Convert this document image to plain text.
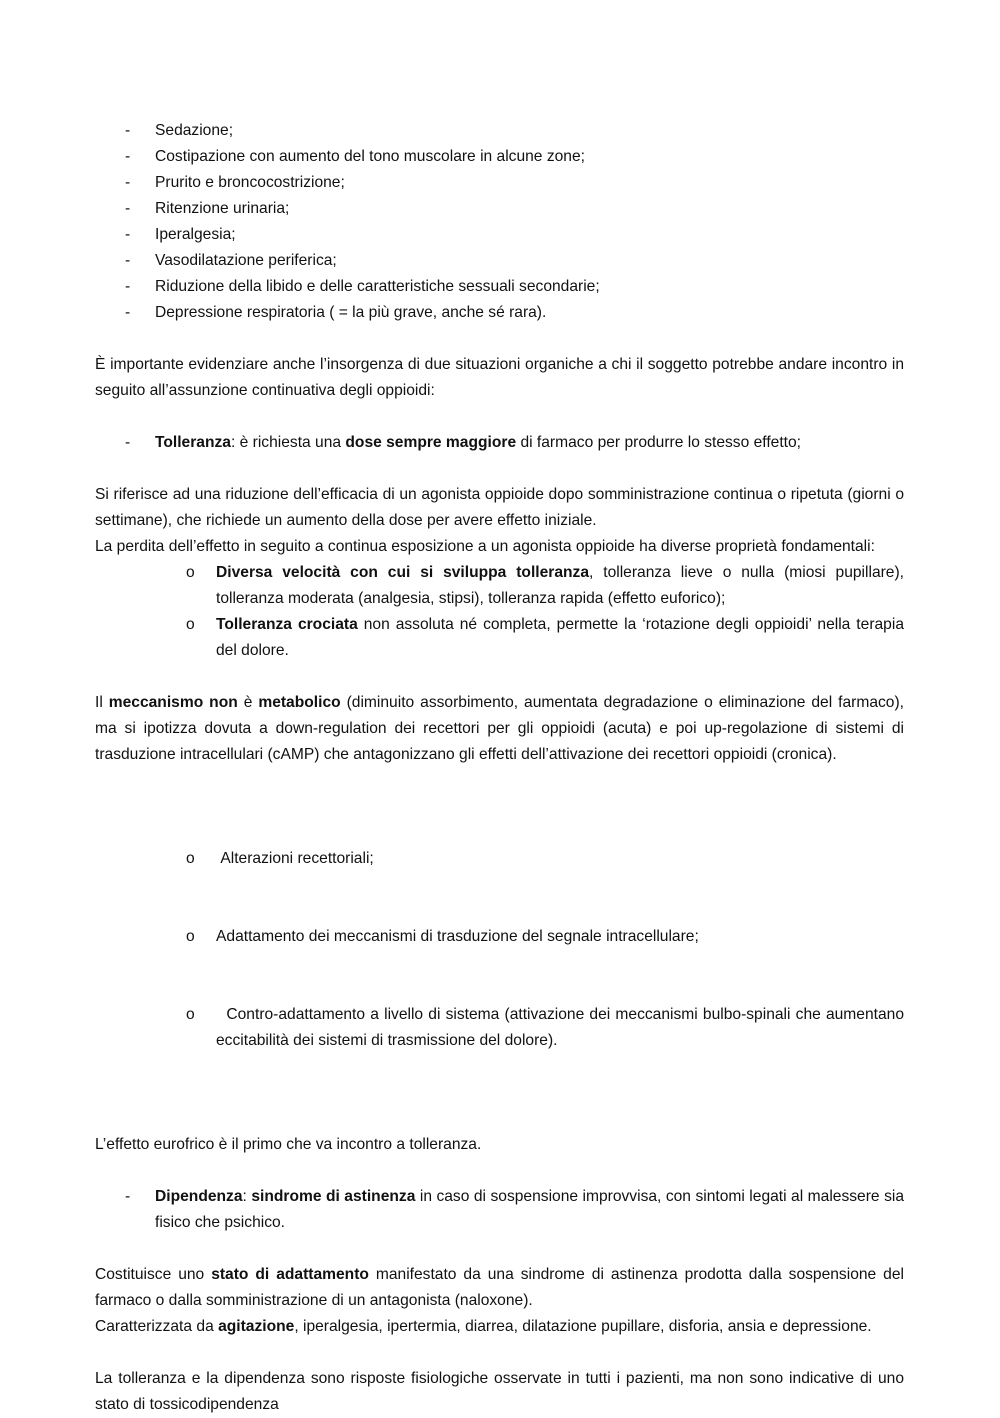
- Sedazione;
- Costipazione con aumento del tono muscolare in alcune zone;
- Prurito e broncocostrizione;
- Ritenzione urinaria;
- Iperalgesia;
- Vasodilatazione periferica;
- Riduzione della libido e delle caratteristiche sessuali secondarie;
- Depressione respiratoria ( = la più grave, anche sé rara).

È importante evidenziare anche l’insorgenza di due situazioni organiche a chi il soggetto potrebbe andare incontro in seguito all’assunzione continuativa degli oppioidi:

- Tolleranza: è richiesta una dose sempre maggiore di farmaco per produrre lo stesso effetto;

Si riferisce ad una riduzione dell’efficacia di un agonista oppioide dopo somministrazione continua o ripetuta (giorni o settimane), che richiede un aumento della dose per avere effetto iniziale.

La perdita dell’effetto in seguito a continua esposizione a un agonista oppioide ha diverse proprietà fondamentali:

o Diversa velocità con cui si sviluppa tolleranza, tolleranza lieve o nulla (miosi pupillare), tolleranza moderata (analgesia, stipsi), tolleranza rapida (effetto euforico);
o Tolleranza crociata non assoluta né completa, permette la ‘rotazione degli oppioidi’ nella terapia del dolore.

Il meccanismo non è metabolico (diminuito assorbimento, aumentata degradazione o eliminazione del farmaco), ma si ipotizza dovuta a down-regulation dei recettori per gli oppioidi (acuta) e poi up-regolazione di sistemi di trasduzione intracellulari (cAMP) che antagonizzano gli effetti dell’attivazione dei recettori oppioidi (cronica).

o Alterazioni recettoriali;

o Adattamento dei meccanismi di trasduzione del segnale intracellulare;

o Contro-adattamento a livello di sistema (attivazione dei meccanismi bulbo-spinali che aumentano eccitabilità dei sistemi di trasmissione del dolore).

L’effetto eurofrico è il primo che va incontro a tolleranza.

- Dipendenza: sindrome di astinenza in caso di sospensione improvvisa, con sintomi legati al malessere sia fisico che psichico.

Costituisce uno stato di adattamento manifestato da una sindrome di astinenza prodotta dalla sospensione del farmaco o dalla somministrazione di un antagonista (naloxone).

Caratterizzata da agitazione, iperalgesia, ipertermia, diarrea, dilatazione pupillare, disforia, ansia e depressione.

La tolleranza e la dipendenza sono risposte fisiologiche osservate in tutti i pazienti, ma non sono indicative di uno stato di tossicodipendenza
